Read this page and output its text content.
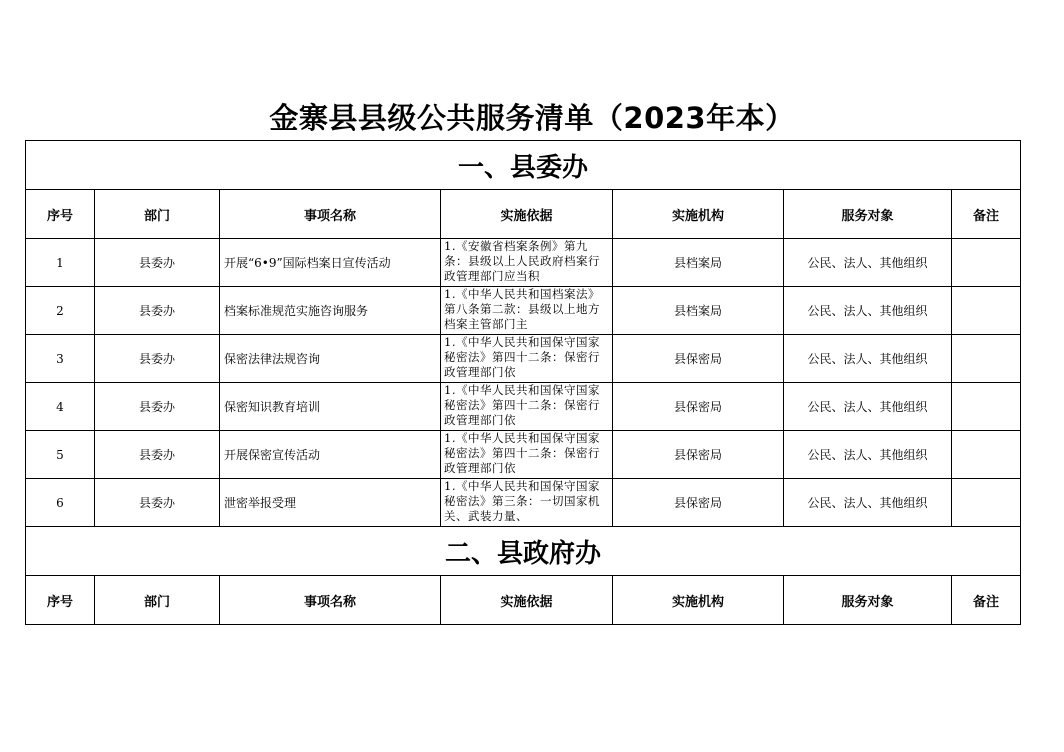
金寨县县级公共服务清单（2023年本）
一、县委办						
序号	部门	事项名称	实施依据	实施机构	服务对象	备注
1	县委办	开展“6•9”国际档案日宣传活动	1.《安徽省档案条例》第九条：县级以上人民政府档案行政管理部门应当积	县档案局	公民、法人、其他组织	
2	县委办	档案标准规范实施咨询服务	1.《中华人民共和国档案法》第八条第二款：县级以上地方档案主管部门主	县档案局	公民、法人、其他组织	
3	县委办	保密法律法规咨询	1.《中华人民共和国保守国家秘密法》第四十二条：保密行政管理部门依	县保密局	公民、法人、其他组织	
4	县委办	保密知识教育培训	1.《中华人民共和国保守国家秘密法》第四十二条：保密行政管理部门依	县保密局	公民、法人、其他组织	
5	县委办	开展保密宣传活动	1.《中华人民共和国保守国家秘密法》第四十二条：保密行政管理部门依	县保密局	公民、法人、其他组织	
6	县委办	泄密举报受理	1.《中华人民共和国保守国家秘密法》第三条：一切国家机关、武装力量、	县保密局	公民、法人、其他组织	
二、县政府办						
序号	部门	事项名称	实施依据	实施机构	服务对象	备注
